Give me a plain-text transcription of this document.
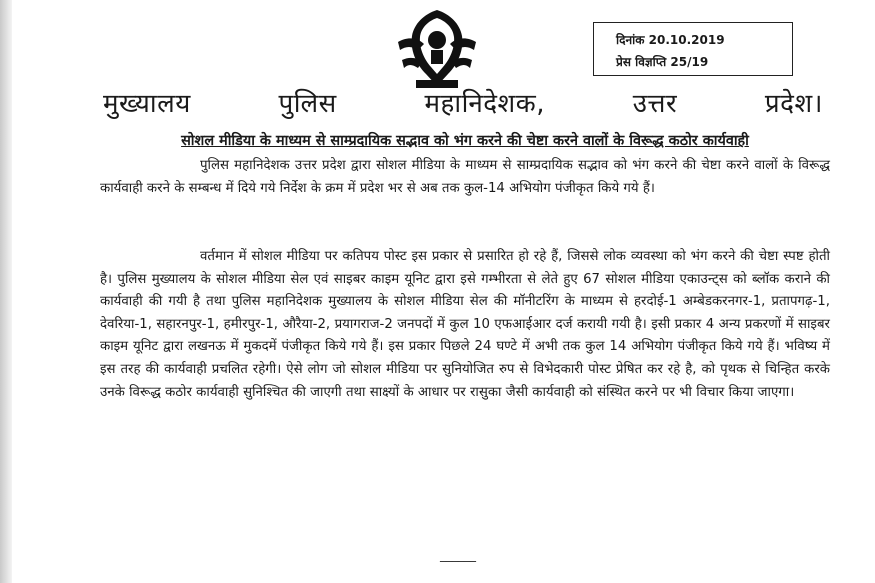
दिनांक 20.10.2019
प्रेस विज्ञप्ति 25/19
मुख्यालय	पुलिस	महानिदेशक,	उत्तर	प्रदेश।
सोशल मीडिया के माध्यम से साम्प्रदायिक सद्भाव को भंग करने की चेष्टा करने वालों के विरूद्ध कठोर कार्यवाही

पुलिस महानिदेशक उत्तर प्रदेश द्वारा सोशल मीडिया के माध्यम से साम्प्रदायिक सद्भाव को भंग करने की चेष्टा करने वालों के विरूद्ध कार्यवाही करने के सम्बन्ध में दिये गये निर्देश के क्रम में प्रदेश भर से अब तक कुल-14 अभियोग पंजीकृत किये गये हैं।

वर्तमान में सोशल मीडिया पर कतिपय पोस्ट इस प्रकार से प्रसारित हो रहे हैं, जिससे लोक व्यवस्था को भंग करने की चेष्टा स्पष्ट होती है। पुलिस मुख्यालय के सोशल मीडिया सेल एवं साइबर काइम यूनिट द्वारा इसे गम्भीरता से लेते हुए 67 सोशल मीडिया एकाउन्ट्स को ब्लॉक कराने की कार्यवाही की गयी है तथा पुलिस महानिदेशक मुख्यालय के सोशल मीडिया सेल की मॉनीटरिंग के माध्यम से हरदोई-1 अम्बेडकरनगर-1, प्रतापगढ़-1, देवरिया-1, सहारनपुर-1, हमीरपुर-1, औरैया-2, प्रयागराज-2 जनपदों में कुल 10 एफआईआर दर्ज करायी गयी है। इसी प्रकार 4 अन्य प्रकरणों में साइबर काइम यूनिट द्वारा लखनऊ में मुकदमें पंजीकृत किये गये हैं। इस प्रकार पिछले 24 घण्टे में अभी तक कुल 14 अभियोग पंजीकृत किये गये हैं। भविष्य में इस तरह की कार्यवाही प्रचलित रहेगी। ऐसे लोग जो सोशल मीडिया पर सुनियोजित रुप से विभेदकारी पोस्ट प्रेषित कर रहे है, को पृथक से चिन्हित करके उनके विरूद्ध कठोर कार्यवाही सुनिश्चित की जाएगी तथा साक्ष्यों के आधार पर रासुका जैसी कार्यवाही को संस्थित करने पर भी विचार किया जाएगा।

______
